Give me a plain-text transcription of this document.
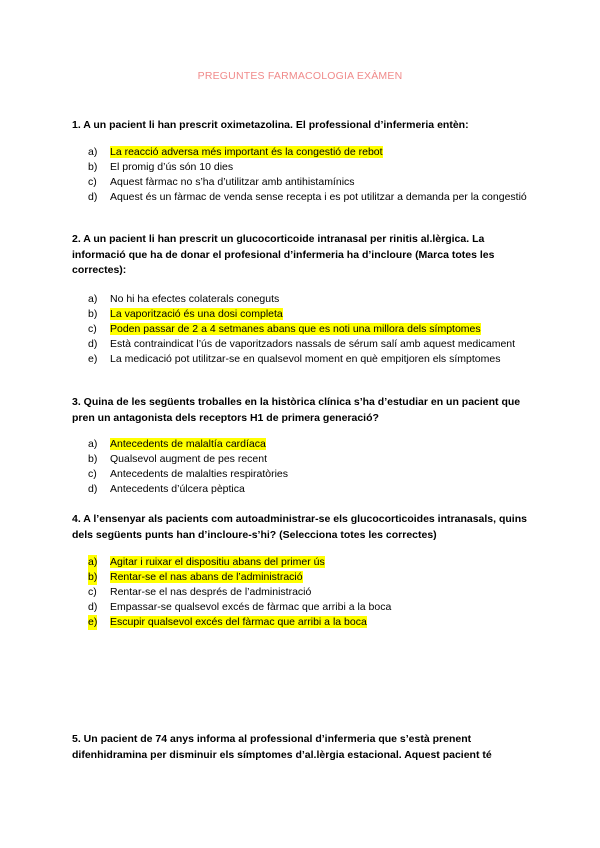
PREGUNTES FARMACOLOGIA EXÀMEN
1. A un pacient li han prescrit oximetazolina. El professional d’infermeria entèn:
a) La reacció adversa més important és la congestió de rebot
b) El promig d’ús són 10 dies
c) Aquest fàrmac no s’ha d’utilitzar amb antihistamínics
d) Aquest és un fàrmac de venda sense recepta i es pot utilitzar a demanda per la congestió
2. A un pacient li han prescrit un glucocorticoide intranasal per rinitis al.lèrgica. La informació que ha de donar el profesional d’infermeria ha d’incloure (Marca totes les correctes):
a) No hi ha efectes colaterals coneguts
b) La vaporització és una dosi completa
c) Poden passar de 2 a 4 setmanes abans que es noti una millora dels símptomes
d) Està contraindicat l’ús de vaporitzadors nassals de sérum salí amb aquest medicament
e) La medicació pot utilitzar-se en qualsevol moment en què empitjoren els símptomes
3. Quina de les següents troballes en la històrica clínica s’ha d’estudiar en un pacient que pren un antagonista dels receptors H1 de primera generació?
a) Antecedents de malaltía cardíaca
b) Qualsevol augment de pes recent
c) Antecedents de malalties respiratòries
d) Antecedents d’úlcera pèptica
4. A l’ensenyar als pacients com autoadministrar-se els glucocorticoides intranasals, quins dels següents punts han d’incloure-s’hi? (Selecciona totes les correctes)
a) Agitar i ruixar el dispositiu abans del primer ús
b) Rentar-se el nas abans de l’administració
c) Rentar-se el nas després de l’administració
d) Empassar-se qualsevol excés de fàrmac que arribi a la boca
e) Escupir qualsevol excés del fàrmac que arribi a la boca
5. Un pacient de 74 anys informa al professional d’infermeria que s’està prenent difenhidramina per disminuir els símptomes d’al.lèrgia estacional. Aquest pacient té
